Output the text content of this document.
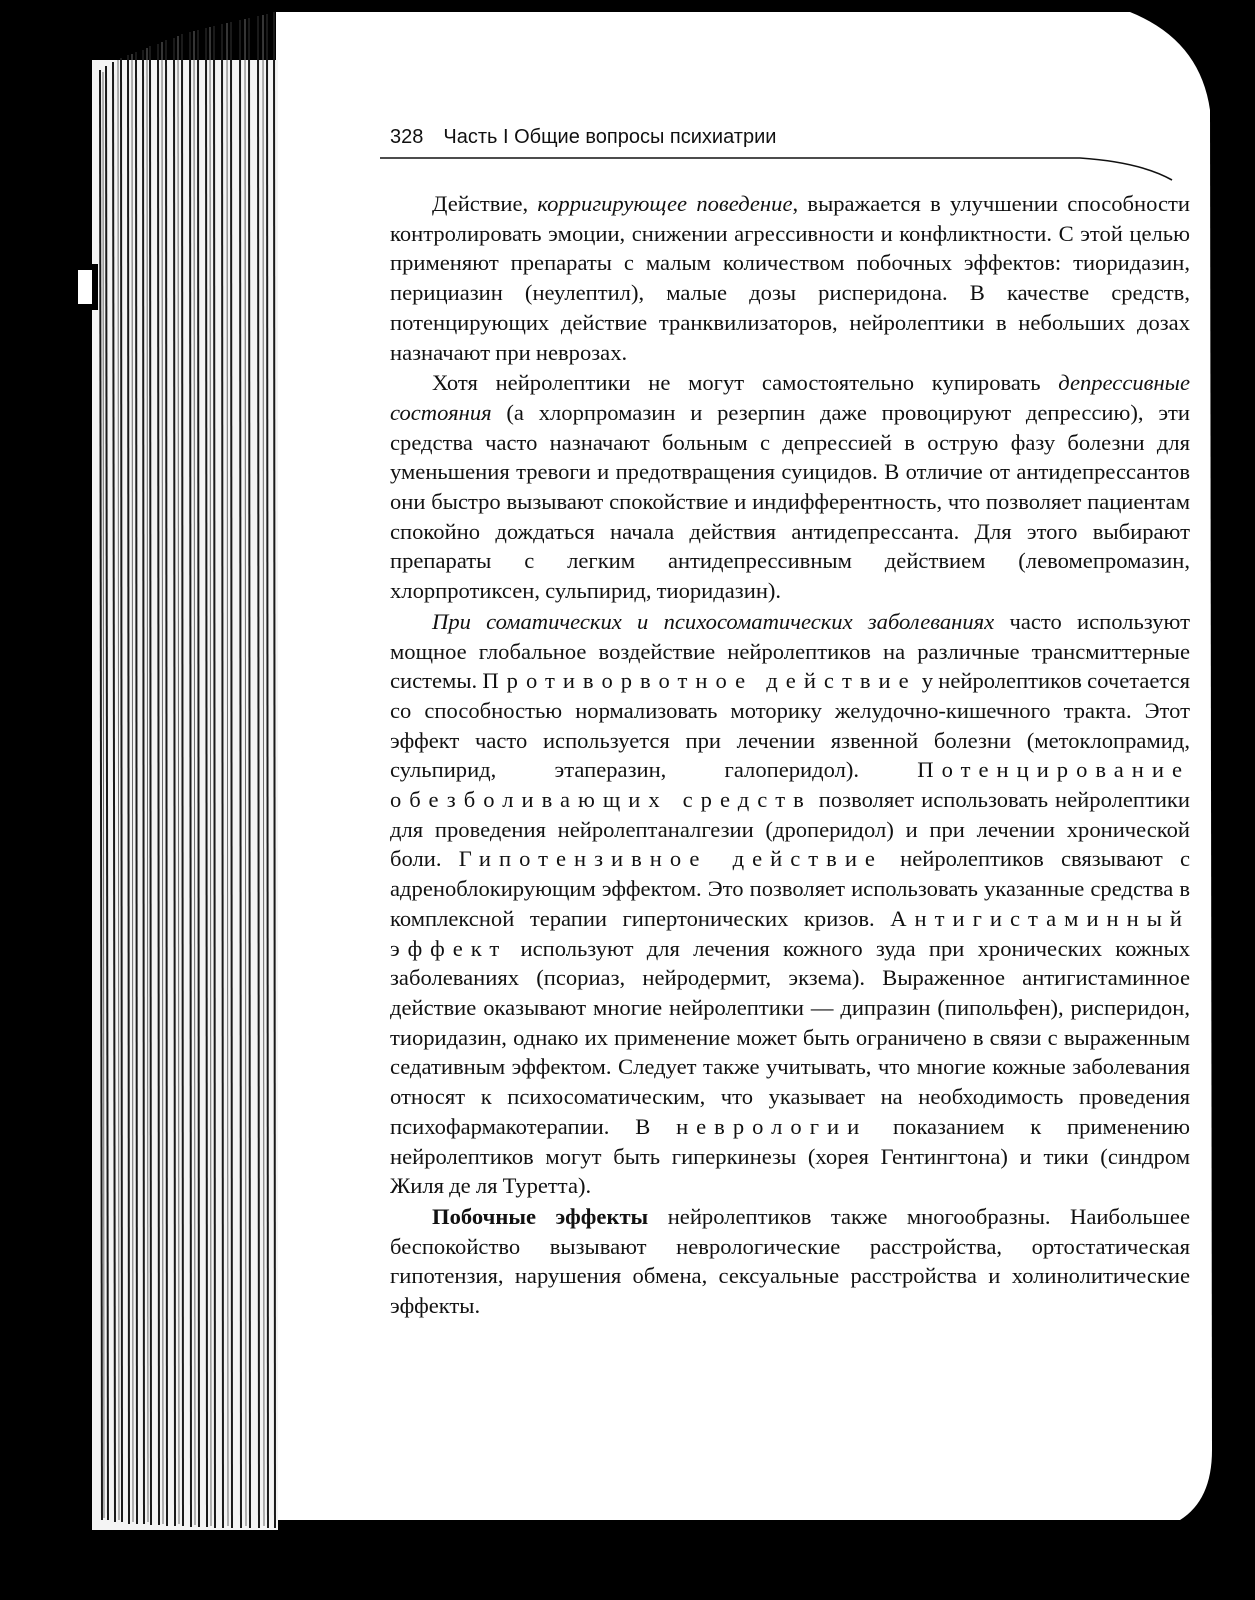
328 Часть I Общие вопросы психиатрии

Действие, корригирующее поведение, выражается в улучшении способности контролировать эмоции, снижении агрессивности и конфликтности. С этой целью применяют препараты с малым количеством побочных эффектов: тиоридазин, перициазин (неулептил), малые дозы рисперидона. В качестве средств, потенцирующих действие транквилизаторов, нейролептики в небольших дозах назначают при неврозах.

Хотя нейролептики не могут самостоятельно купировать депрессивные состояния (а хлорпромазин и резерпин даже провоцируют депрессию), эти средства часто назначают больным с депрессией в острую фазу болезни для уменьшения тревоги и предотвращения суицидов. В отличие от антидепрессантов они быстро вызывают спокойствие и индифферентность, что позволяет пациентам спокойно дождаться начала действия антидепрессанта. Для этого выбирают препараты с легким антидепрессивным действием (левомепромазин, хлорпротиксен, сульпирид, тиоридазин).

При соматических и психосоматических заболеваниях часто используют мощное глобальное воздействие нейролептиков на различные трансмиттерные системы. Противорвотное действие у нейролептиков сочетается со способностью нормализовать моторику желудочно-кишечного тракта. Этот эффект часто используется при лечении язвенной болезни (метоклопрамид, сульпирид, этаперазин, галоперидол). Потенцирование обезболивающих средств позволяет использовать нейролептики для проведения нейролептаналгезии (дроперидол) и при лечении хронической боли. Гипотензивное действие нейролептиков связывают с адреноблокирующим эффектом. Это позволяет использовать указанные средства в комплексной терапии гипертонических кризов. Антигистаминный эффект используют для лечения кожного зуда при хронических кожных заболеваниях (псориаз, нейродермит, экзема). Выраженное антигистаминное действие оказывают многие нейролептики — дипразин (пипольфен), рисперидон, тиоридазин, однако их применение может быть ограничено в связи с выраженным седативным эффектом. Следует также учитывать, что многие кожные заболевания относят к психосоматическим, что указывает на необходимость проведения психофармакотерапии. В неврологии показанием к применению нейролептиков могут быть гиперкинезы (хорея Гентингтона) и тики (синдром Жиля де ля Туретта).

Побочные эффекты нейролептиков также многообразны. Наибольшее беспокойство вызывают неврологические расстройства, ортостатическая гипотензия, нарушения обмена, сексуальные расстройства и холинолитические эффекты.
